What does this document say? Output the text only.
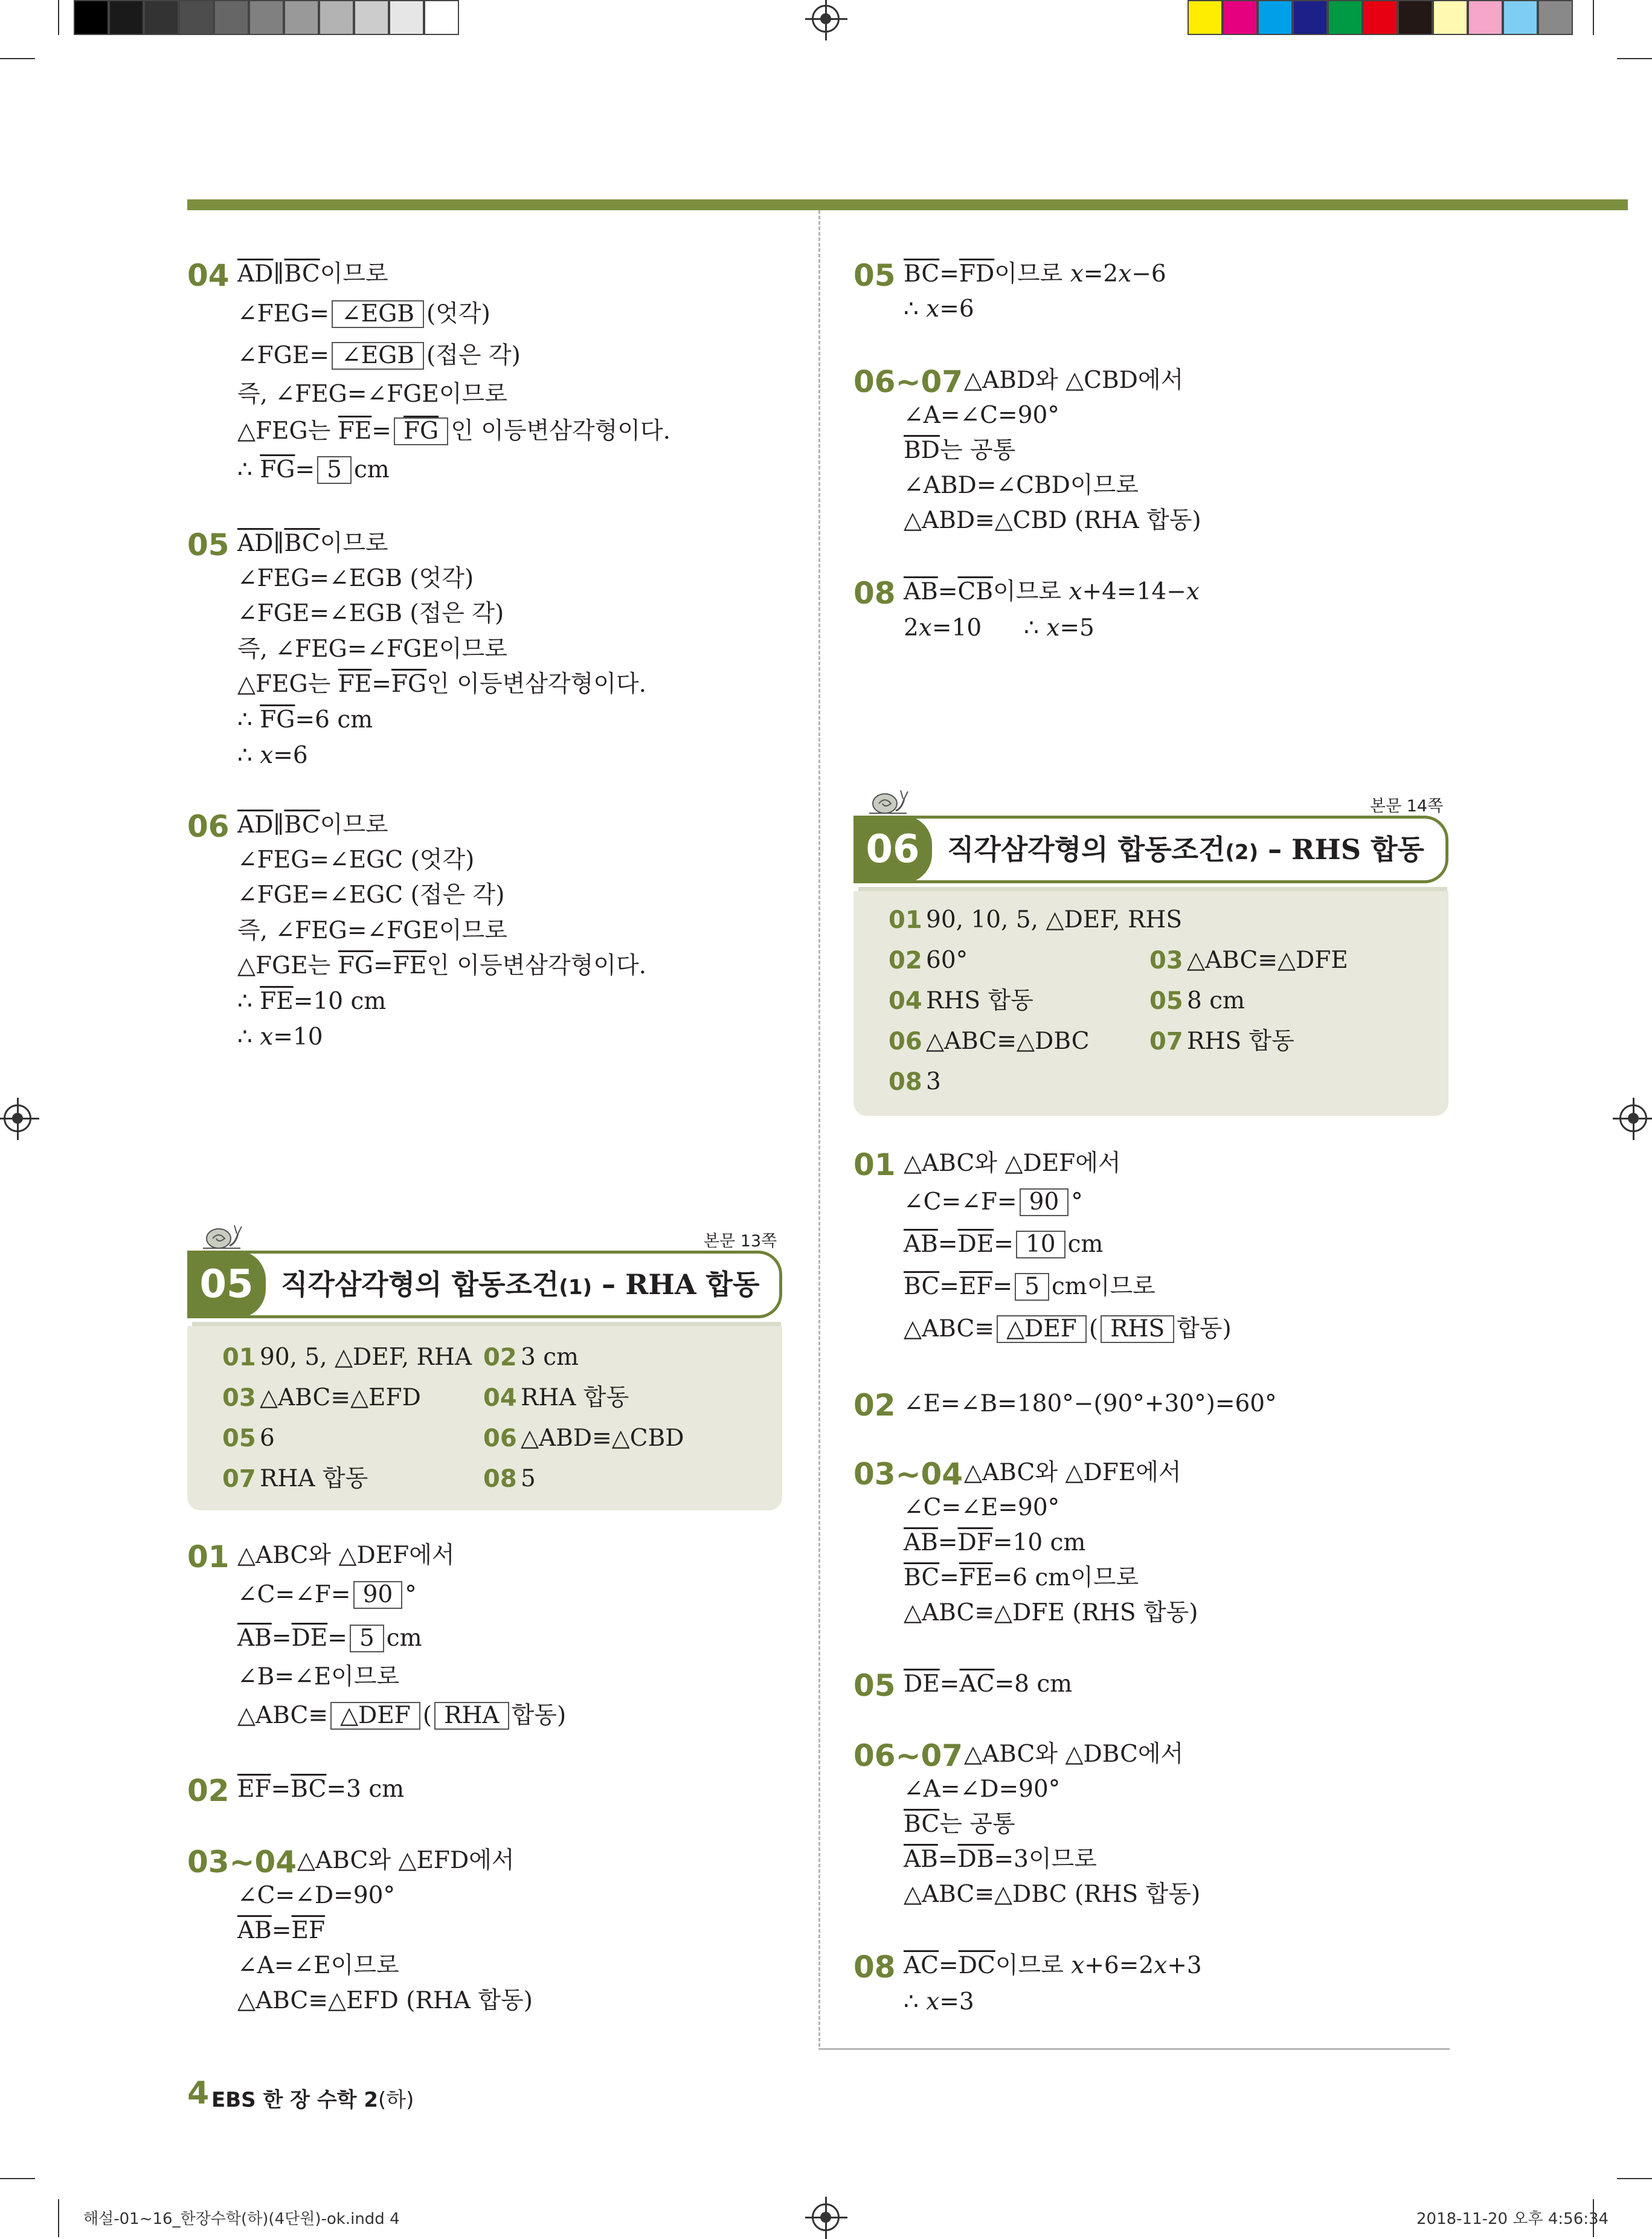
04 $\overline{AD}\parallel\overline{BC}$이므로
∠FEG= ∠EGB (엇각)
∠FGE= ∠EGB (접은 각)
즉, ∠FEG=∠FGE이므로
△FEG는 $\overline{FE}= \overline{FG}$ 인 이등변삼각형이다.
∴ $\overline{FG}= 5$ cm
05 $\overline{AD}\parallel\overline{BC}$이므로
∠FEG=∠EGB (엇각)
∠FGE=∠EGB (접은 각)
즉, ∠FEG=∠FGE이므로
△FEG는 $\overline{FE}=\overline{FG}$인 이등변삼각형이다.
∴ $\overline{FG}=6$ cm
∴ x=6
06 $\overline{AD}\parallel\overline{BC}$이므로
∠FEG=∠EGC (엇각)
∠FGE=∠EGC (접은 각)
즉, ∠FEG=∠FGE이므로
△FGE는 $\overline{FG}=\overline{FE}$인 이등변삼각형이다.
∴ $\overline{FE}=10$ cm
∴ x=10
본문 13쪽
05 직각삼각형의 합동조건(1) – RHA 합동
01 90, 5, △DEF, RHA 02 3 cm
03 △ABC≡△EFD	04 RHA 합동
05 6	06 △ABD≡△CBD
07 RHA 합동	08 5
01 △ABC와 △DEF에서
∠C=∠F= 90 °
$\overline{AB}=\overline{DE}= 5$ cm
∠B=∠E이므로
△ABC≡ △DEF ( RHA 합동)
02 $\overline{EF}=\overline{BC}=3$ cm
03~04 △ABC와 △EFD에서
∠C=∠D=90°
$\overline{AB}=\overline{EF}$
∠A=∠E이므로
△ABC≡△EFD (RHA 합동)
05 $\overline{BC}=\overline{FD}$이므로 x=2x−6
∴ x=6
06~07 △ABD와 △CBD에서
∠A=∠C=90°
$\overline{BD}$는 공통
∠ABD=∠CBD이므로
△ABD≡△CBD (RHA 합동)
08 $\overline{AB}=\overline{CB}$이므로 x+4=14−x
2x=10 ∴ x=5
본문 14쪽
06 직각삼각형의 합동조건(2) – RHS 합동
01 90, 10, 5, △DEF, RHS
02 60°	03 △ABC≡△DFE
04 RHS 합동	05 8 cm
06 △ABC≡△DBC 07 RHS 합동
08 3
01 △ABC와 △DEF에서
∠C=∠F= 90 °
$\overline{AB}=\overline{DE}= 10$ cm
$\overline{BC}=\overline{EF}= 5$ cm이므로
△ABC≡ △DEF ( RHS 합동)
02 ∠E=∠B=180°−(90°+30°)=60°
03~04 △ABC와 △DFE에서
∠C=∠E=90°
$\overline{AB}=\overline{DF}=10$ cm
$\overline{BC}=\overline{FE}=6$ cm이므로
△ABC≡△DFE (RHS 합동)
05 $\overline{DE}=\overline{AC}=8$ cm
06~07 △ABC와 △DBC에서
∠A=∠D=90°
$\overline{BC}$는 공통
$\overline{AB}=\overline{DB}=3$이므로
△ABC≡△DBC (RHS 합동)
08 $\overline{AC}=\overline{DC}$이므로 x+6=2x+3
∴ x=3
4 EBS 한 장 수학 2(하)
해설-01~16_한장수학(하)(4단원)-ok.indd 4	2018-11-20 오후 4:56:34
